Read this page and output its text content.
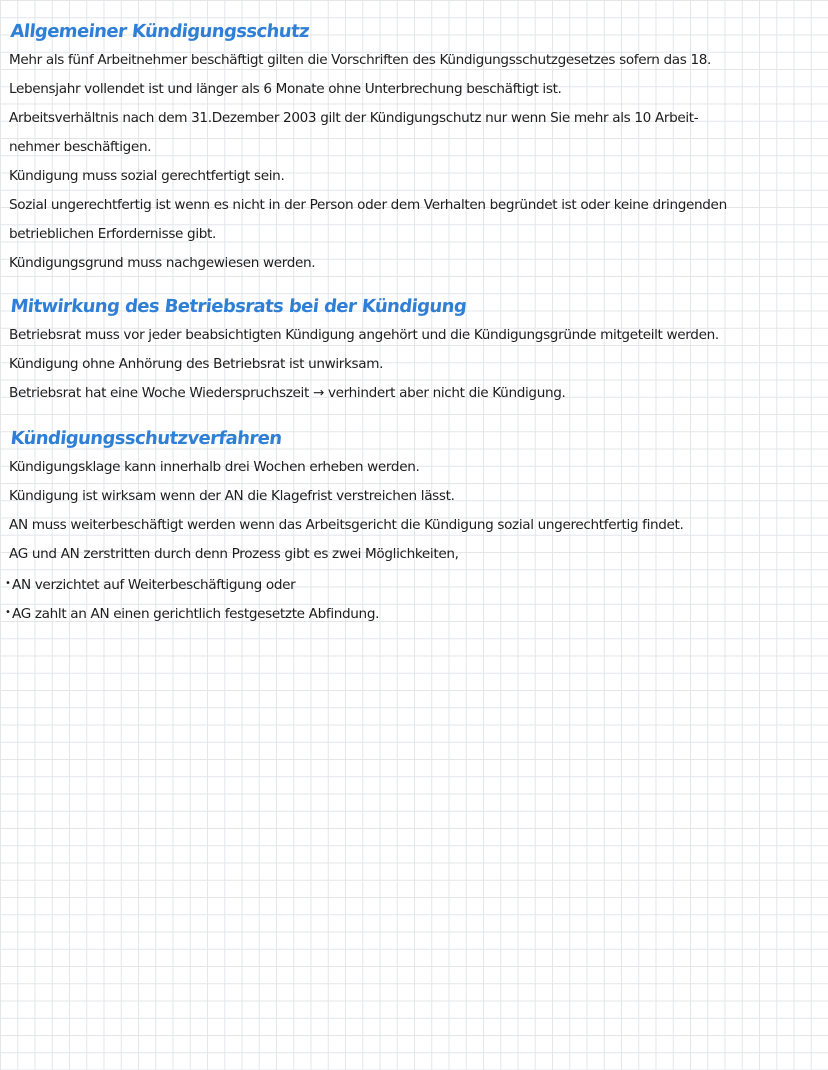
Allgemeiner Kündigungsschutz
Mehr als fünf Arbeitnehmer beschäftigt gilten die Vorschriften des Kündigungsschutzgesetzes sofern das 18.
Lebensjahr vollendet ist und länger als 6 Monate ohne Unterbrechung beschäftigt ist.
Arbeitsverhältnis nach dem 31.Dezember 2003 gilt der Kündigungschutz nur wenn Sie mehr als 10 Arbeit-
nehmer beschäftigen.
Kündigung muss sozial gerechtfertigt sein.
Sozial ungerechtfertig ist wenn es nicht in der Person oder dem Verhalten begründet ist oder keine dringenden
betrieblichen Erfordernisse gibt.
Kündigungsgrund muss nachgewiesen werden.
Mitwirkung des Betriebsrats bei der Kündigung
Betriebsrat muss vor jeder beabsichtigten Kündigung angehört und die Kündigungsgründe mitgeteilt werden.
Kündigung ohne Anhörung des Betriebsrat ist unwirksam.
Betriebsrat hat eine Woche Wiederspruchszeit → verhindert aber nicht die Kündigung.
Kündigungsschutzverfahren
Kündigungsklage kann innerhalb drei Wochen erheben werden.
Kündigung ist wirksam wenn der AN die Klagefrist verstreichen lässt.
AN muss weiterbeschäftigt werden wenn das Arbeitsgericht die Kündigung sozial ungerechtfertig findet.
AG und AN zerstritten durch denn Prozess gibt es zwei Möglichkeiten,
• AN verzichtet auf Weiterbeschäftigung oder
• AG zahlt an AN einen gerichtlich festgesetzte Abfindung.
